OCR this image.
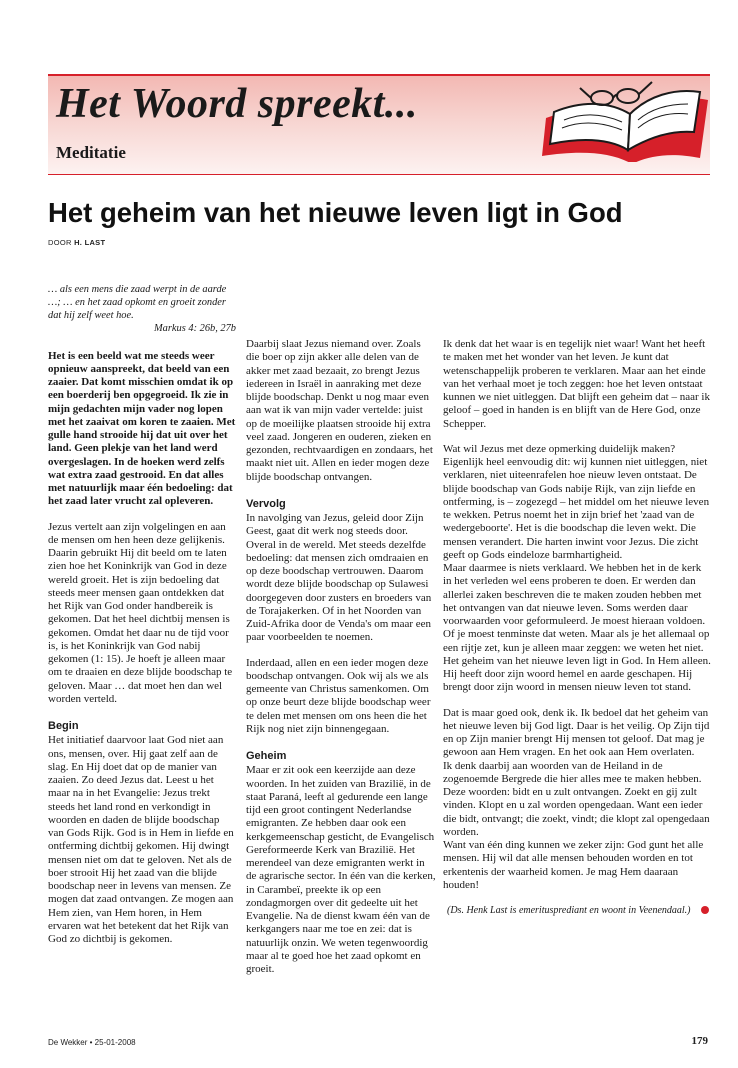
Het Woord spreekt...
Meditatie
Het geheim van het nieuwe leven ligt in God
DOOR H. LAST

… als een mens die zaad werpt in de aarde …; … en het zaad opkomt en groeit zonder dat hij zelf weet hoe.

Markus 4: 26b, 27b

Het is een beeld wat me steeds weer opnieuw aanspreekt, dat beeld van een zaaier. Dat komt misschien omdat ik op een boerderij ben opgegroeid. Ik zie in mijn gedachten mijn vader nog lopen met het zaaivat om koren te zaaien. Met gulle hand strooide hij dat uit over het land. Geen plekje van het land werd overgeslagen. In de hoeken werd zelfs wat extra zaad gestrooid. En dat alles met natuurlijk maar één bedoeling: dat het zaad later vrucht zal opleveren.

Jezus vertelt aan zijn volgelingen en aan de mensen om hen heen deze gelijkenis. Daarin gebruikt Hij dit beeld om te laten zien hoe het Koninkrijk van God in deze wereld groeit. Het is zijn bedoeling dat steeds meer mensen gaan ontdekken dat het Rijk van God onder handbereik is gekomen. Dat het heel dichtbij mensen is gekomen. Omdat het daar nu de tijd voor is, is het Koninkrijk van God nabij gekomen (1: 15). Je hoeft je alleen maar om te draaien en deze blijde boodschap te geloven. Maar … dat moet hen dan wel worden verteld.

Begin

Het initiatief daarvoor laat God niet aan ons, mensen, over. Hij gaat zelf aan de slag. En Hij doet dat op de manier van zaaien. Zo deed Jezus dat. Leest u het maar na in het Evangelie: Jezus trekt steeds het land rond en verkondigt in woorden en daden de blijde boodschap van Gods Rijk. God is in Hem in liefde en ontferming dichtbij gekomen. Hij dwingt mensen niet om dat te geloven. Net als de boer strooit Hij het zaad van die blijde boodschap neer in levens van mensen. Ze mogen dat zaad ontvangen. Ze mogen aan Hem zien, van Hem horen, in Hem ervaren wat het betekent dat het Rijk van God zo dichtbij is gekomen.

Daarbij slaat Jezus niemand over. Zoals die boer op zijn akker alle delen van de akker met zaad bezaait, zo brengt Jezus iedereen in Israël in aanraking met deze blijde boodschap. Denkt u nog maar even aan wat ik van mijn vader vertelde: juist op de moeilijke plaatsen strooide hij extra veel zaad. Jongeren en ouderen, zieken en gezonden, rechtvaardigen en zondaars, het maakt niet uit. Allen en ieder mogen deze blijde boodschap ontvangen.

Vervolg

In navolging van Jezus, geleid door Zijn Geest, gaat dit werk nog steeds door. Overal in de wereld. Met steeds dezelfde bedoeling: dat mensen zich omdraaien en op deze boodschap vertrouwen. Daarom wordt deze blijde boodschap op Sulawesi doorgegeven door zusters en broeders van de Torajakerken. Of in het Noorden van Zuid-Afrika door de Venda's om maar een paar voorbeelden te noemen.

Inderdaad, allen en een ieder mogen deze boodschap ontvangen. Ook wij als we als gemeente van Christus samenkomen. Om op onze beurt deze blijde boodschap weer te delen met mensen om ons heen die het Rijk nog niet zijn binnengegaan.

Geheim

Maar er zit ook een keerzijde aan deze woorden. In het zuiden van Brazilië, in de staat Paraná, leeft al gedurende een lange tijd een groot contingent Nederlandse emigranten. Ze hebben daar ook een kerkgemeenschap gesticht, de Evangelisch Gereformeerde Kerk van Brazilië. Het merendeel van deze emigranten werkt in de agrarische sector. In één van die kerken, in Carambeï, preekte ik op een zondagmorgen over dit gedeelte uit het Evangelie. Na de dienst kwam één van de kerkgangers naar me toe en zei: dat is natuurlijk onzin. We weten tegenwoordig maar al te goed hoe het zaad opkomt en groeit.

Ik denk dat het waar is en tegelijk niet waar! Want het heeft te maken met het wonder van het leven. Je kunt dat wetenschappelijk proberen te verklaren. Maar aan het einde van het verhaal moet je toch zeggen: hoe het leven ontstaat kunnen we niet uitleggen. Dat blijft een geheim dat – naar ik geloof – goed in handen is en blijft van de Here God, onze Schepper.

Wat wil Jezus met deze opmerking duidelijk maken? Eigenlijk heel eenvoudig dit: wij kunnen niet uitleggen, niet verklaren, niet uiteenrafelen hoe nieuw leven ontstaat. De blijde boodschap van Gods nabije Rijk, van zijn liefde en ontferming, is – zogezegd – het middel om het nieuwe leven te wekken. Petrus noemt het in zijn brief het 'zaad van de wedergeboorte'. Het is die boodschap die leven wekt. Die mensen verandert. Die harten inwint voor Jezus. Die zicht geeft op Gods eindeloze barmhartigheid.

Maar daarmee is niets verklaard. We hebben het in de kerk in het verleden wel eens proberen te doen. Er werden dan allerlei zaken beschreven die te maken zouden hebben met het ontvangen van dat nieuwe leven. Soms werden daar voorwaarden voor geformuleerd. Je moest hieraan voldoen. Of je moest tenminste dat weten. Maar als je het allemaal op een rijtje zet, kun je alleen maar zeggen: we weten het niet. Het geheim van het nieuwe leven ligt in God. In Hem alleen. Hij heeft door zijn woord hemel en aarde geschapen. Hij brengt door zijn woord in mensen nieuw leven tot stand.

Dat is maar goed ook, denk ik. Ik bedoel dat het geheim van het nieuwe leven bij God ligt. Daar is het veilig. Op Zijn tijd en op Zijn manier brengt Hij mensen tot geloof. Dat mag je gewoon aan Hem vragen. En het ook aan Hem overlaten.

Ik denk daarbij aan woorden van de Heiland in de zogenoemde Bergrede die hier alles mee te maken hebben. Deze woorden: bidt en u zult ontvangen. Zoekt en gij zult vinden. Klopt en u zal worden opengedaan. Want een ieder die bidt, ontvangt; die zoekt, vindt; die klopt zal opengedaan worden.

Want van één ding kunnen we zeker zijn: God gunt het alle mensen. Hij wil dat alle mensen behouden worden en tot erkentenis der waarheid komen. Je mag Hem daaraan houden!

(Ds. Henk Last is emeritusprediant en woont in Veenendaal.)

De Wekker • 25-01-2008	179
